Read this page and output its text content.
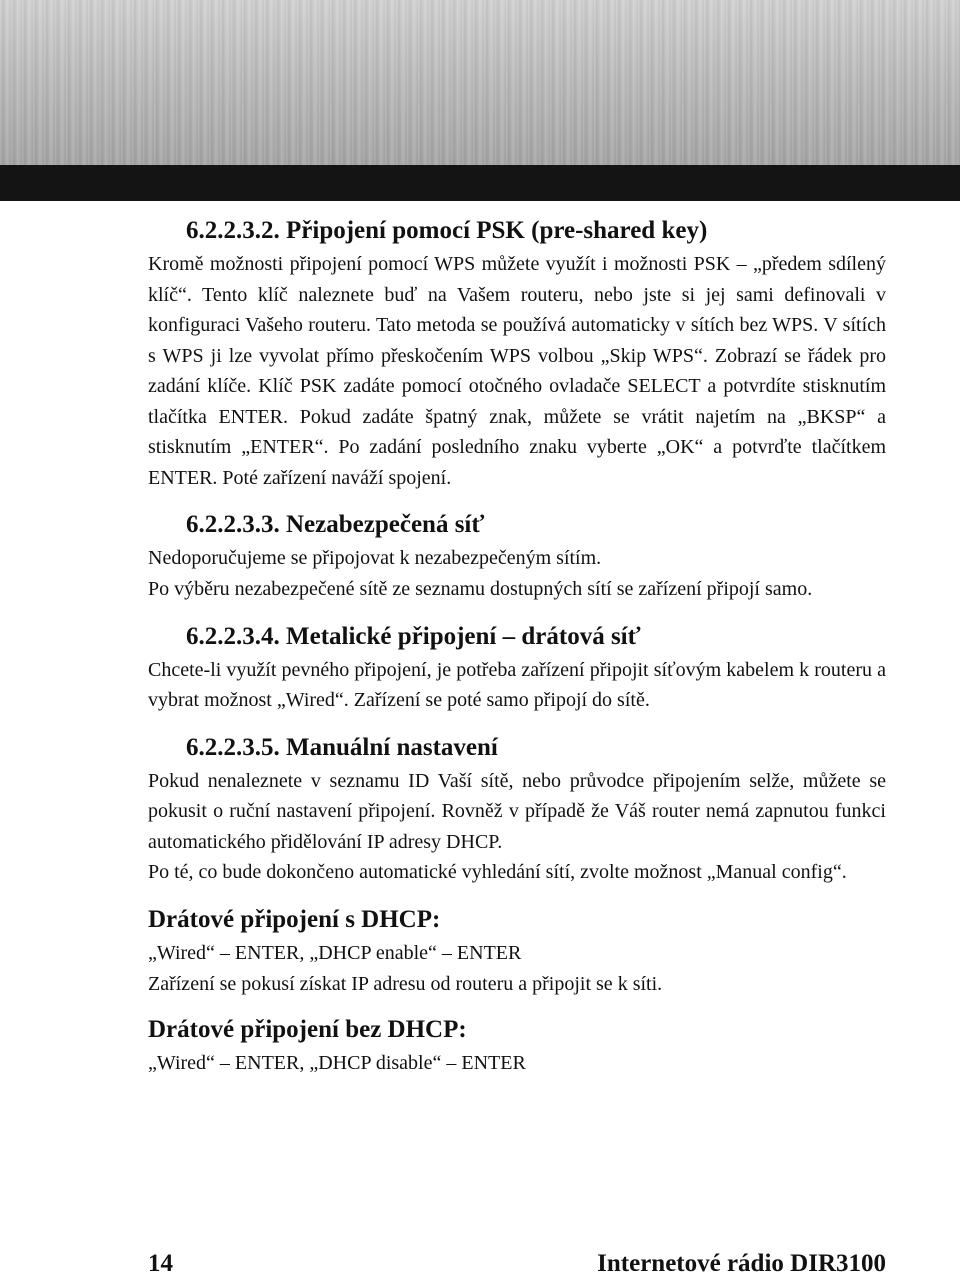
6.2.2.3.2. Připojení pomocí PSK (pre-shared key)

Kromě možnosti připojení pomocí WPS můžete využít i možnosti PSK – „předem sdílený klíč“. Tento klíč naleznete buď na Vašem routeru, nebo jste si jej sami definovali v konfiguraci Vašeho routeru. Tato metoda se používá automaticky v sítích bez WPS. V sítích s WPS ji lze vyvolat přímo přeskočením WPS volbou „Skip WPS“. Zobrazí se řádek pro zadání klíče. Klíč PSK zadáte pomocí otočného ovladače SELECT a potvrdíte stisknutím tlačítka ENTER. Pokud zadáte špatný znak, můžete se vrátit najetím na „BKSP“ a stisknutím „ENTER“. Po zadání posledního znaku vyberte „OK“ a potvrďte tlačítkem ENTER. Poté zařízení naváží spojení.

6.2.2.3.3. Nezabezpečená síť

Nedoporučujeme se připojovat k nezabezpečeným sítím.

Po výběru nezabezpečené sítě ze seznamu dostupných sítí se zařízení připojí samo.

6.2.2.3.4. Metalické připojení – drátová síť

Chcete-li využít pevného připojení, je potřeba zařízení připojit síťovým kabelem k routeru a vybrat možnost „Wired“. Zařízení se poté samo připojí do sítě.

6.2.2.3.5. Manuální nastavení

Pokud nenaleznete v seznamu ID Vaší sítě, nebo průvodce připojením selže, můžete se pokusit o ruční nastavení připojení. Rovněž v případě že Váš router nemá zapnutou funkci automatického přidělování IP adresy DHCP.

Po té, co bude dokončeno automatické vyhledání sítí, zvolte možnost „Manual config“.

Drátové připojení s DHCP:

„Wired“ – ENTER, „DHCP enable“ – ENTER

Zařízení se pokusí získat IP adresu od routeru a připojit se k síti.

Drátové připojení bez DHCP:

„Wired“ – ENTER, „DHCP disable“ – ENTER

14	Internetové rádio DIR3100
